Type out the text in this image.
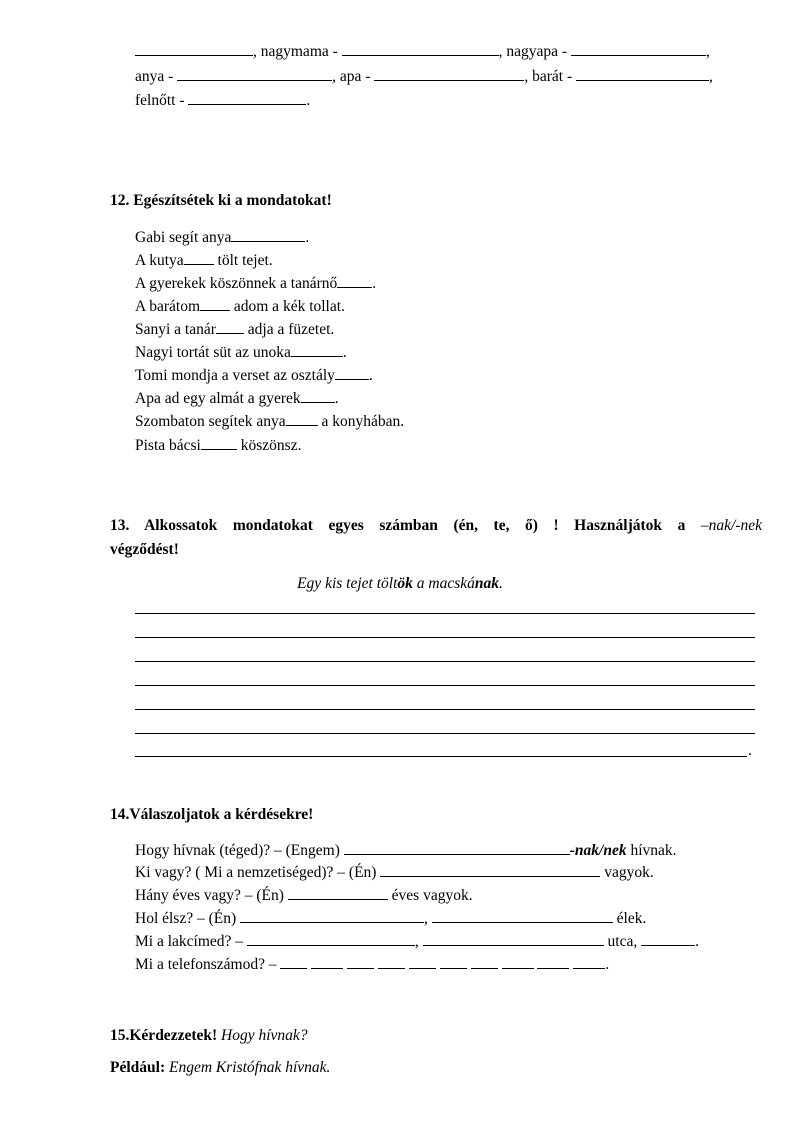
, nagymama -	, nagyapa -	,
anya -	, apa -	, barát -	,
felnőtt -	.
12. Egészítsétek ki a mondatokat!
Gabi segít anya	.
A kutya tölt tejet.
A gyerekek köszönnek a tanárnő .
A barátom adom a kék tollat.
Sanyi a tanár adja a füzetet.
Nagyi tortát süt az unoka	.
Tomi mondja a verset az osztály .
Apa ad egy almát a gyerek .
Szombaton segítek anya a konyhában.
Pista bácsi köszönsz.
13. Alkossatok mondatokat egyes számban (én, te, ő) ! Használjátok a –nak/-nek
végződést!
Egy kis tejet töltök a macskának.
.
14.Válaszoljatok a kérdésekre!
Hogy hívnak (téged)? – (Engem)	-nak/nek hívnak.
Ki vagy? ( Mi a nemzetiséged)? – (Én)	vagyok.
Hány éves vagy? – (Én)	éves vagyok.
Hol élsz? – (Én)	,	élek.
Mi a lakcímed? –	,	utca,	.
Mi a telefonszámod? –	.
15.Kérdezzetek! Hogy hívnak?
Például: Engem Kristófnak hívnak.
